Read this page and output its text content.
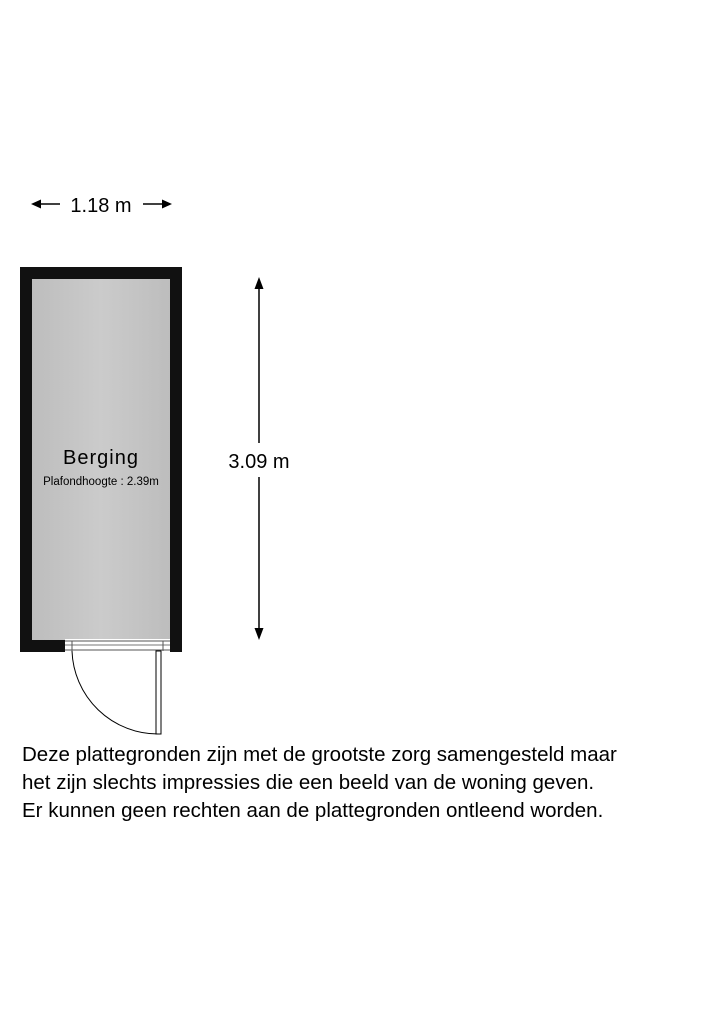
1.18 m
3.09 m
Berging
Plafondhoogte : 2.39m
Deze plattegronden zijn met de grootste zorg samengesteld maar
het zijn slechts impressies die een beeld van de woning geven.
Er kunnen geen rechten aan de plattegronden ontleend worden.
